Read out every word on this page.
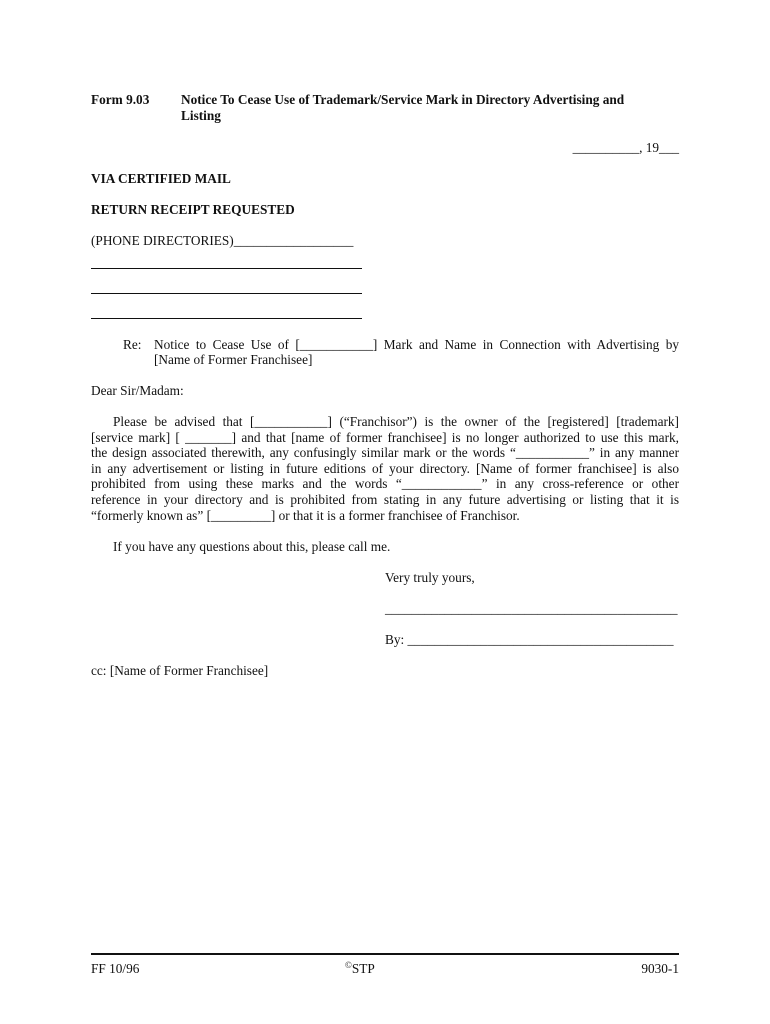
Form 9.03 Notice To Cease Use of Trademark/Service Mark in Directory Advertising and
Listing
__________, 19___
VIA CERTIFIED MAIL
RETURN RECEIPT REQUESTED
(PHONE DIRECTORIES)__________________
Re: Notice to Cease Use of [___________] Mark and Name in Connection with Advertising by
[Name of Former Franchisee]
Dear Sir/Madam:
Please be advised that [___________] (“Franchisor”) is the owner of the [registered] [trademark]
[service mark] [ _______] and that [name of former franchisee] is no longer authorized to use this mark,
the design associated therewith, any confusingly similar mark or the words “___________” in any manner
in any advertisement or listing in future editions of your directory. [Name of former franchisee] is also
prohibited from using these marks and the words “____________” in any cross-reference or other
reference in your directory and is prohibited from stating in any future advertising or listing that it is
“formerly known as” [_________] or that it is a former franchisee of Franchisor.
If you have any questions about this, please call me.
Very truly yours,
____________________________________________
By: ________________________________________
cc: [Name of Former Franchisee]
FF 10/96	©STP	9030-1
